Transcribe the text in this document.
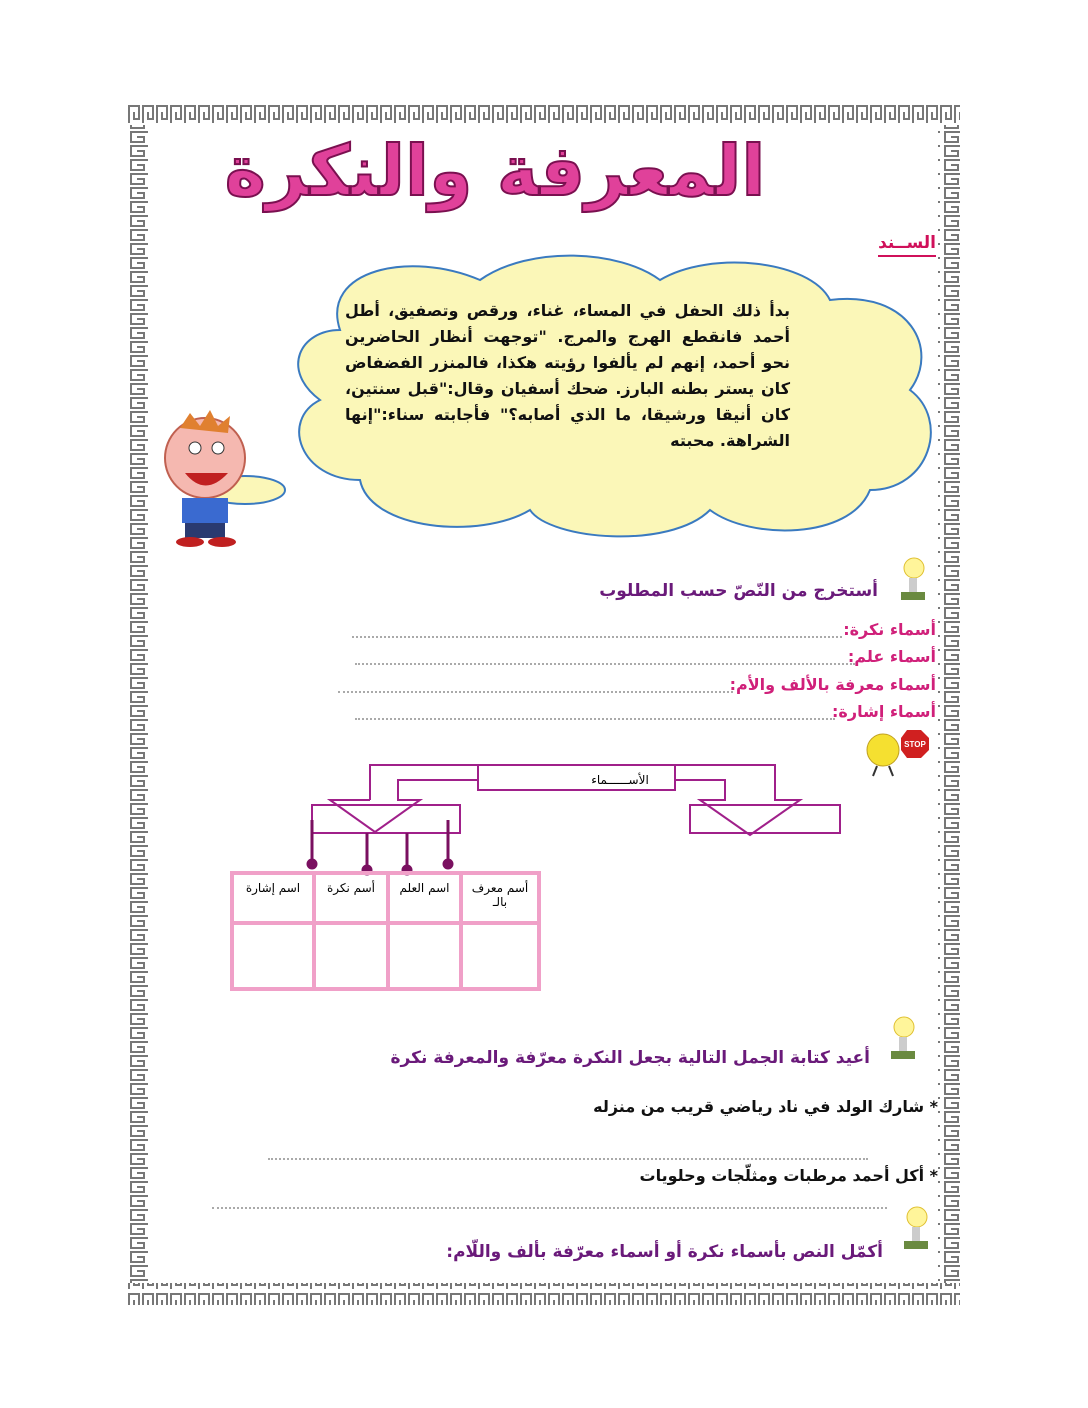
المعرفة والنكرة
الســند
بدأ ذلك الحفل في المساء، غناء، ورقص وتصفيق، أطل أحمد فانقطع الهرج والمرج. "توجهت أنظار الحاضرين نحو أحمد، إنهم لم يألفوا رؤيته هكذا، فالمنزر الفضفاض كان يستر بطنه البارز. ضحك أسفيان وقال:"قبل سنتين، كان أنيقا ورشيقا، ما الذي أصابه؟" فأجابته سناء:"إنها الشراهة. محبته
أستخرج من النّصّ حسب المطلوب
أسماء نكرة:
أسماء علم:
أسماء معرفة بالألف والأم:
أسماء إشارة:
STOP
الأســــــماء
أسم معرف بالـ
اسم العلم
أسم نكرة
اسم إشارة
أعيد كتابة الجمل التالية بجعل النكرة معرّفة والمعرفة نكرة
* شارك الولد في ناد رياضي قريب من منزله
* أكل أحمد مرطبات ومثلّجات وحلويات
أكمّل النص بأسماء نكرة أو أسماء معرّفة بألف واللّام:
